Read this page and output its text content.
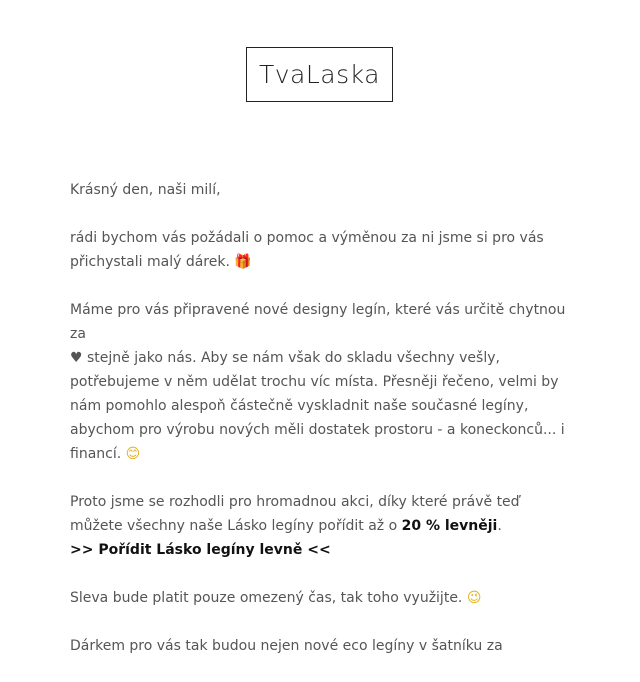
TvaLaska

Krásný den, naši milí,

rádi bychom vás požádali o pomoc a výměnou za ni jsme si pro vás přichystali malý dárek. 🎁

Máme pro vás připravené nové designy legín, které vás určitě chytnou za
♥ stejně jako nás. Aby se nám však do skladu všechny vešly, potřebujeme v něm udělat trochu víc místa. Přesněji řečeno, velmi by nám pomohlo alespoň částečně vyskladnit naše současné legíny, abychom pro výrobu nových měli dostatek prostoru - a koneckonců... i financí. 😊

Proto jsme se rozhodli pro hromadnou akci, díky které právě teď můžete všechny naše Lásko legíny pořídit až o 20 % levněji.
>> Pořídit Lásko legíny levně <<

Sleva bude platit pouze omezený čas, tak toho využijte. 😉

Dárkem pro vás tak budou nejen nové eco legíny v šatníku za
